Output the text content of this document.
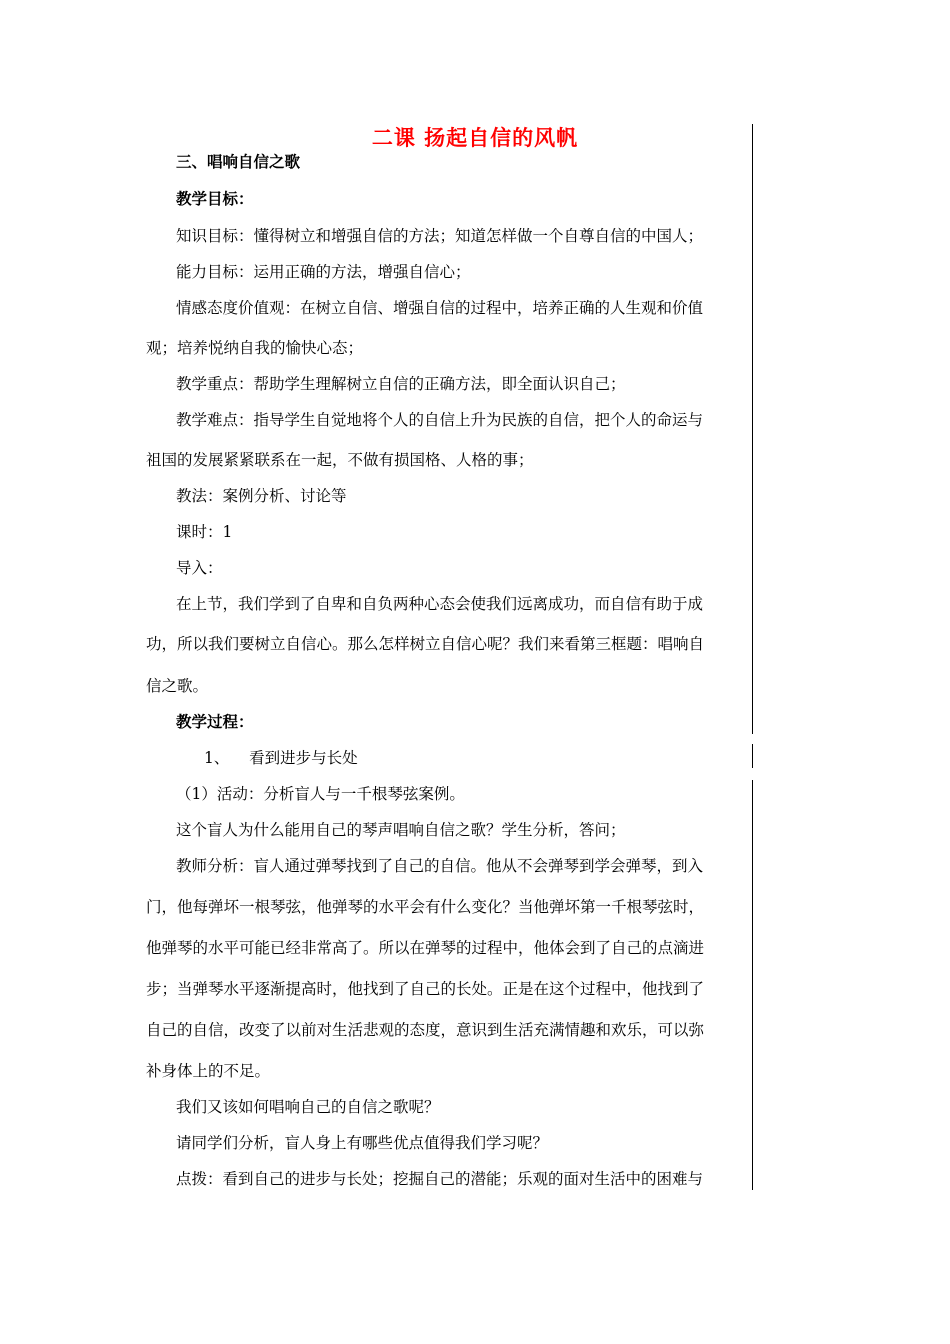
二课 扬起自信的风帆
三、唱响自信之歌
教学目标：
知识目标：懂得树立和增强自信的方法；知道怎样做一个自尊自信的中国人；
能力目标：运用正确的方法，增强自信心；
情感态度价值观：在树立自信、增强自信的过程中，培养正确的人生观和价值
观；培养悦纳自我的愉快心态；
教学重点：帮助学生理解树立自信的正确方法，即全面认识自己；
教学难点：指导学生自觉地将个人的自信上升为民族的自信，把个人的命运与
祖国的发展紧紧联系在一起，不做有损国格、人格的事；
教法：案例分析、讨论等
课时：1
导入：
在上节，我们学到了自卑和自负两种心态会使我们远离成功，而自信有助于成
功，所以我们要树立自信心。那么怎样树立自信心呢？我们来看第三框题：唱响自
信之歌。
教学过程：
1、    看到进步与长处
（1）活动：分析盲人与一千根琴弦案例。
这个盲人为什么能用自己的琴声唱响自信之歌？学生分析，答问；
教师分析：盲人通过弹琴找到了自己的自信。他从不会弹琴到学会弹琴，到入
门，他每弹坏一根琴弦，他弹琴的水平会有什么变化？当他弹坏第一千根琴弦时，
他弹琴的水平可能已经非常高了。所以在弹琴的过程中，他体会到了自己的点滴进
步；当弹琴水平逐渐提高时，他找到了自己的长处。正是在这个过程中，他找到了
自己的自信，改变了以前对生活悲观的态度，意识到生活充满情趣和欢乐，可以弥
补身体上的不足。
我们又该如何唱响自己的自信之歌呢？
请同学们分析，盲人身上有哪些优点值得我们学习呢？
点拨：看到自己的进步与长处；挖掘自己的潜能；乐观的面对生活中的困难与
